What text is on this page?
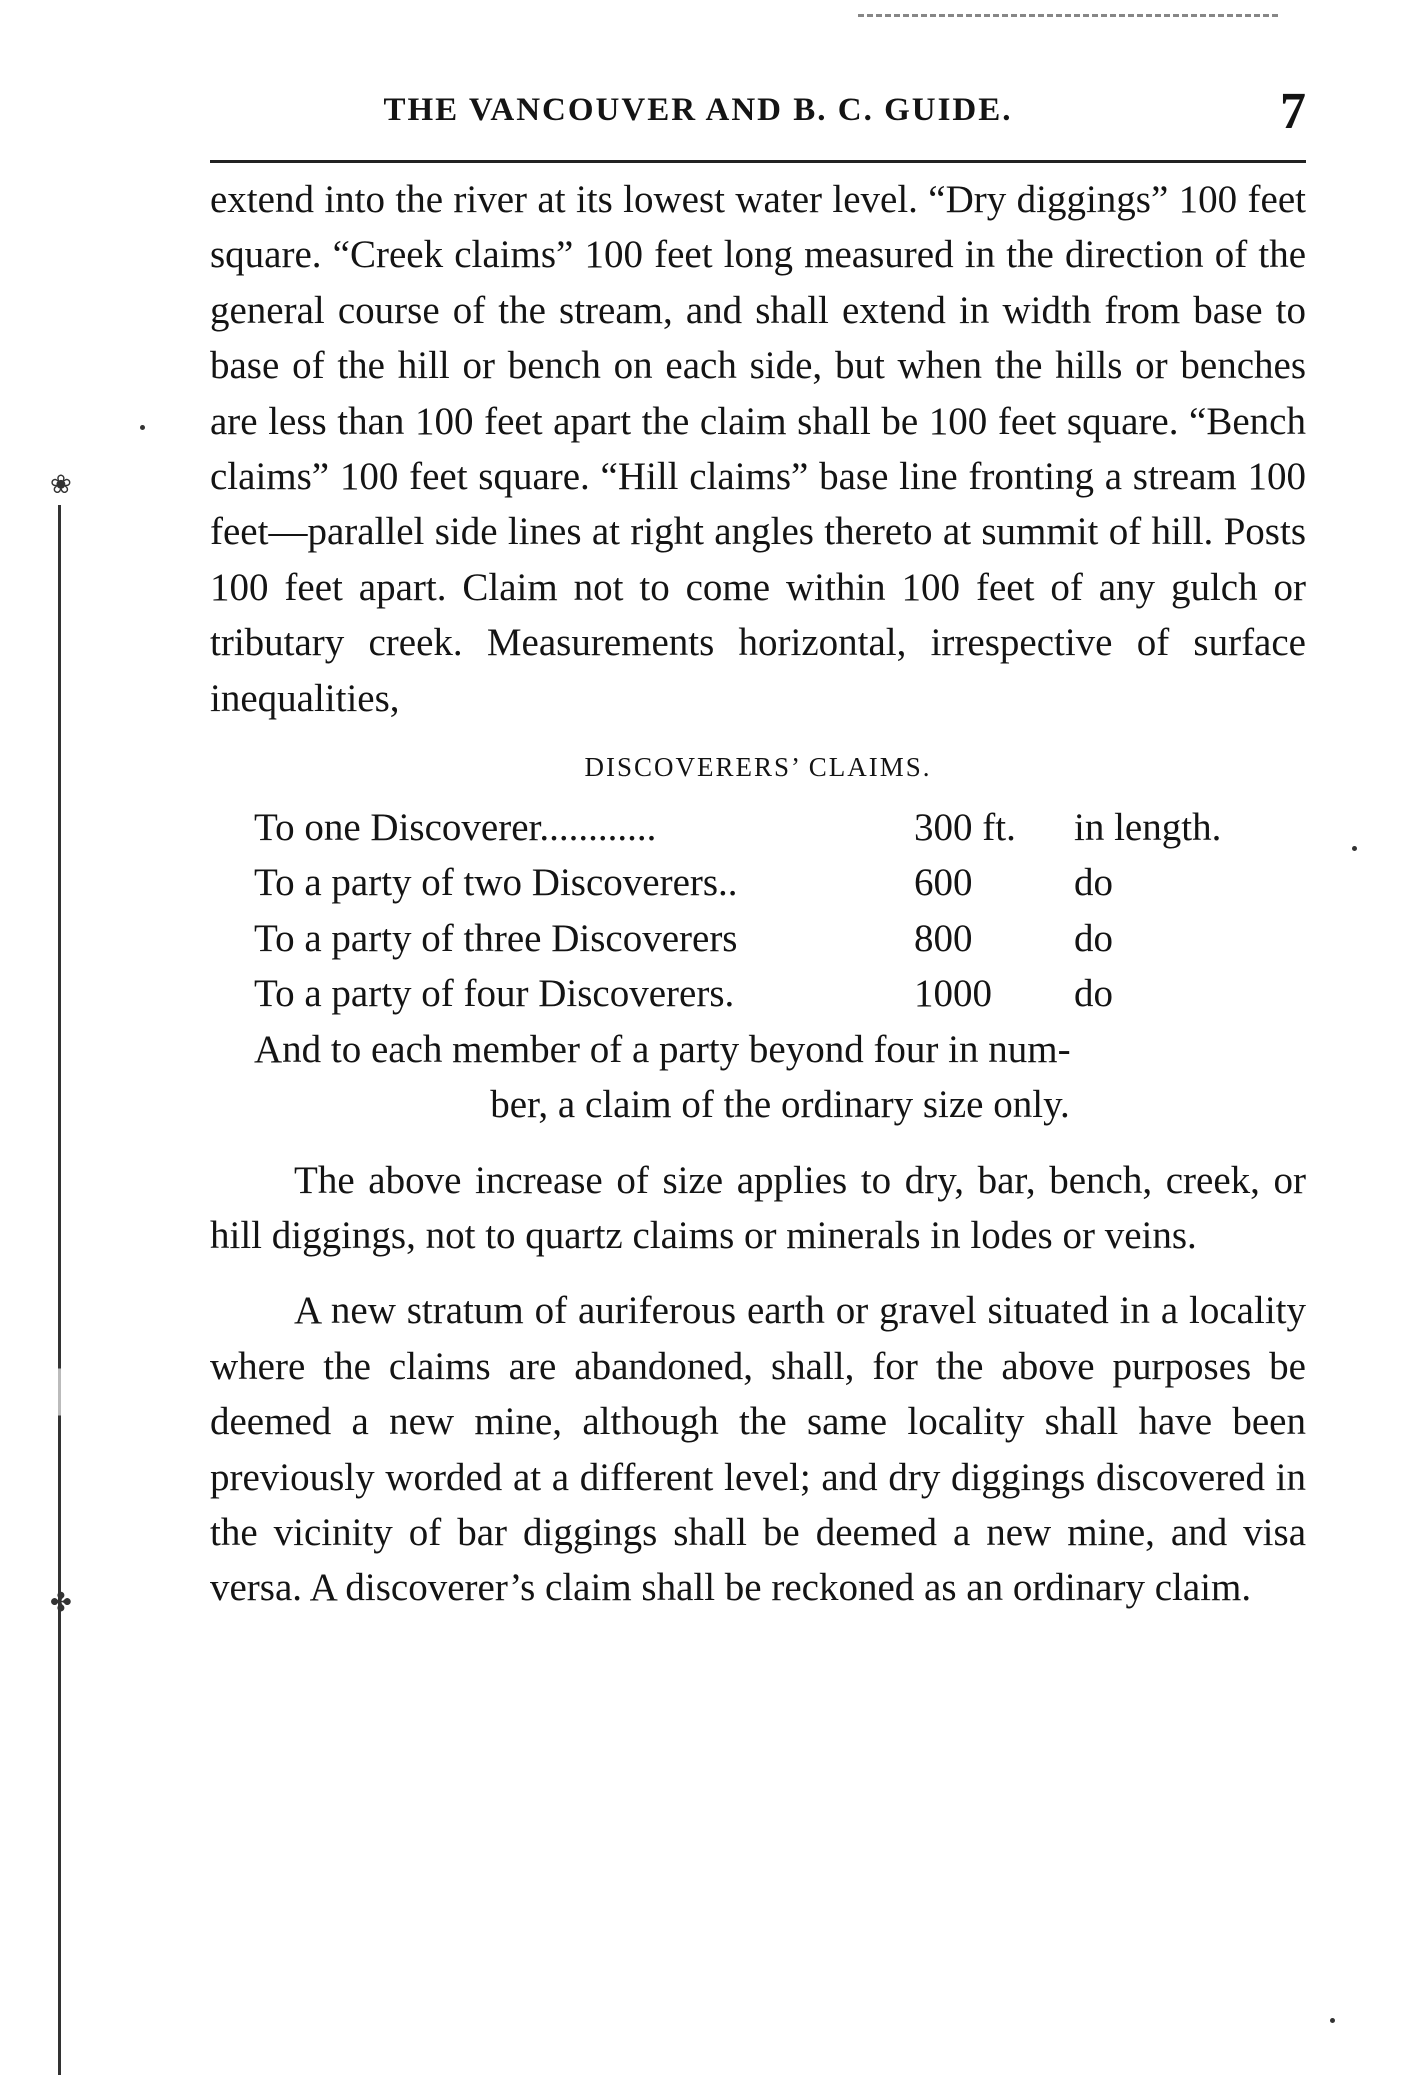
THE VANCOUVER AND B. C. GUIDE.	7

extend into the river at its lowest water level. “Dry diggings” 100 feet square. “Creek claims” 100 feet long measured in the direction of the general course of the stream, and shall extend in width from base to base of the hill or bench on each side, but when the hills or benches are less than 100 feet apart the claim shall be 100 feet square. “Bench claims” 100 feet square. “Hill claims” base line fronting a stream 100 feet—parallel side lines at right angles thereto at summit of hill. Posts 100 feet apart. Claim not to come within 100 feet of any gulch or tributary creek. Measurements horizontal, irrespective of surface inequalities,

DISCOVERERS’ CLAIMS.
To one Discoverer............	300 ft.	in length.
To a party of two Discoverers..	600	do
To a party of three Discoverers	800	do
To a party of four Discoverers.	1000	do
And to each member of a party beyond four in num-
ber, a claim of the ordinary size only.

The above increase of size applies to dry, bar, bench, creek, or hill diggings, not to quartz claims or minerals in lodes or veins.

A new stratum of auriferous earth or gravel situated in a locality where the claims are abandoned, shall, for the above purposes be deemed a new mine, although the same locality shall have been previously worded at a different level; and dry diggings discovered in the vicinity of bar diggings shall be deemed a new mine, and visa versa. A discoverer’s claim shall be reckoned as an ordinary claim.

❀
✤
